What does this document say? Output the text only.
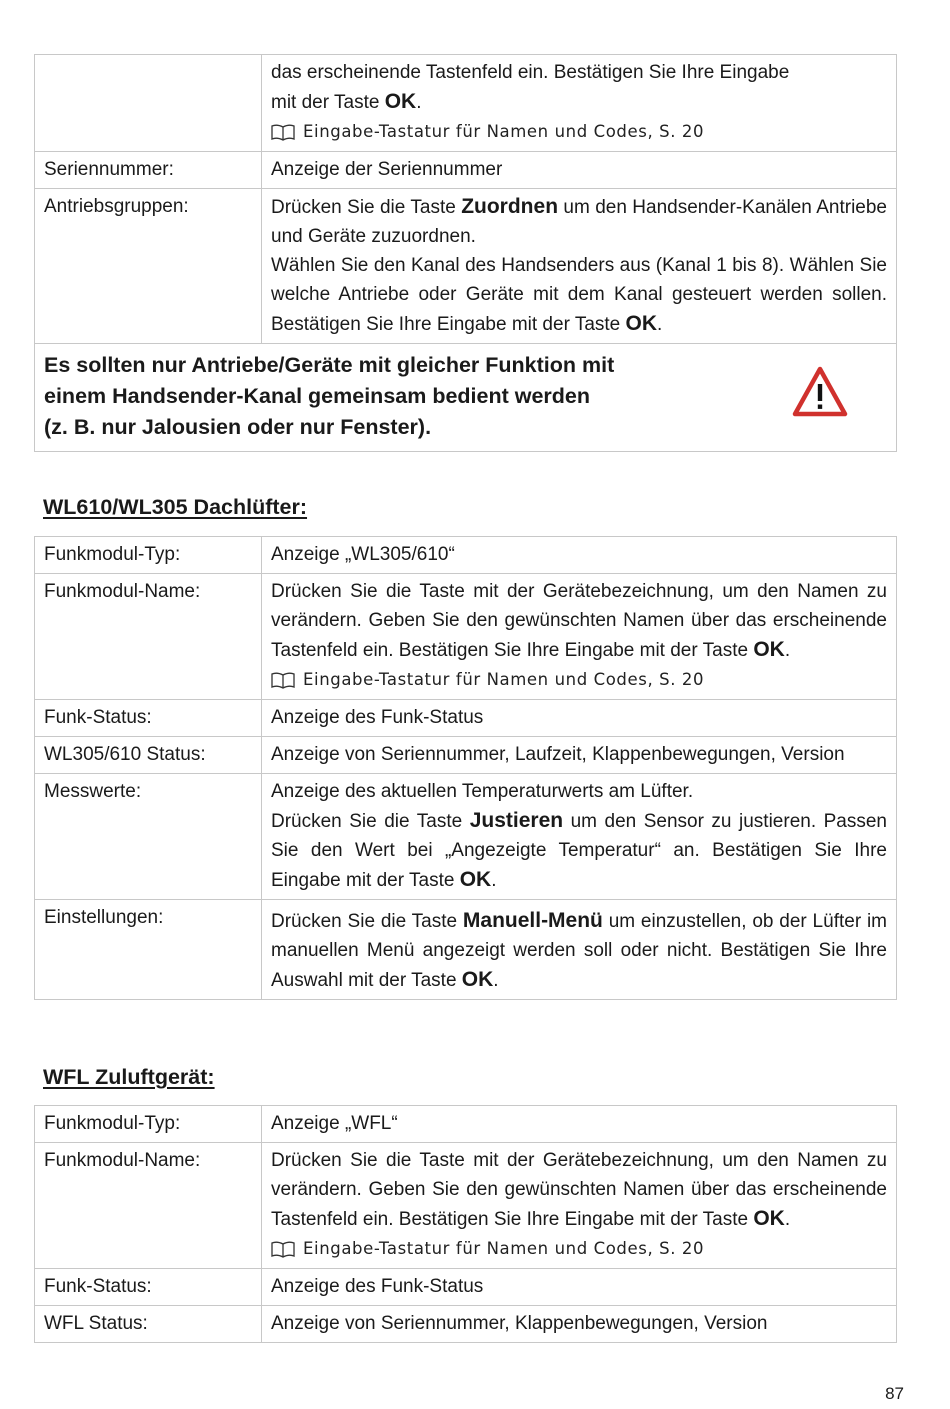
	das erscheinende Tastenfeld ein. Bestätigen Sie Ihre Eingabe
mit der Taste OK.
Eingabe-Tastatur für Namen und Codes, S. 20

Seriennummer:	Anzeige der Seriennummer
Antriebsgruppen:	Drücken Sie die Taste Zuordnen um den Handsender-Kanälen Antriebe und Geräte zuzuordnen.
Wählen Sie den Kanal des Handsenders aus (Kanal 1 bis 8). Wählen Sie welche Antriebe oder Geräte mit dem Kanal gesteuert werden sollen. Bestätigen Sie Ihre Eingabe mit der Taste OK.

Es sollten nur Antriebe/Geräte mit gleicher Funktion mit
einem Handsender-Kanal gemeinsam bedient werden
(z. B. nur Jalousien oder nur Fenster).	
WL610/WL305 Dachlüfter:
Funkmodul-Typ:	Anzeige „WL305/610“
Funkmodul-Name:	Drücken Sie die Taste mit der Gerätebezeichnung, um den Namen zu verändern. Geben Sie den gewünschten Namen über das erscheinende Tastenfeld ein. Bestätigen Sie Ihre Eingabe mit der Taste OK.
Eingabe-Tastatur für Namen und Codes, S. 20

Funk-Status:	Anzeige des Funk-Status
WL305/610 Status:	Anzeige von Seriennummer, Laufzeit, Klappenbewegungen, Version
Messwerte:	Anzeige des aktuellen Temperaturwerts am Lüfter.
Drücken Sie die Taste Justieren um den Sensor zu justieren. Passen Sie den Wert bei „Angezeigte Temperatur“ an. Bestätigen Sie Ihre Eingabe mit der Taste OK.
Einstellungen:	Drücken Sie die Taste Manuell-Menü um einzustellen, ob der Lüfter im manuellen Menü angezeigt werden soll oder nicht. Bestätigen Sie Ihre Auswahl mit der Taste OK.
WFL Zuluftgerät:
Funkmodul-Typ:	Anzeige „WFL“
Funkmodul-Name:	Drücken Sie die Taste mit der Gerätebezeichnung, um den Namen zu verändern. Geben Sie den gewünschten Namen über das erscheinende Tastenfeld ein. Bestätigen Sie Ihre Eingabe mit der Taste OK.
Eingabe-Tastatur für Namen und Codes, S. 20

Funk-Status:	Anzeige des Funk-Status
WFL Status:	Anzeige von Seriennummer, Klappenbewegungen, Version
87
